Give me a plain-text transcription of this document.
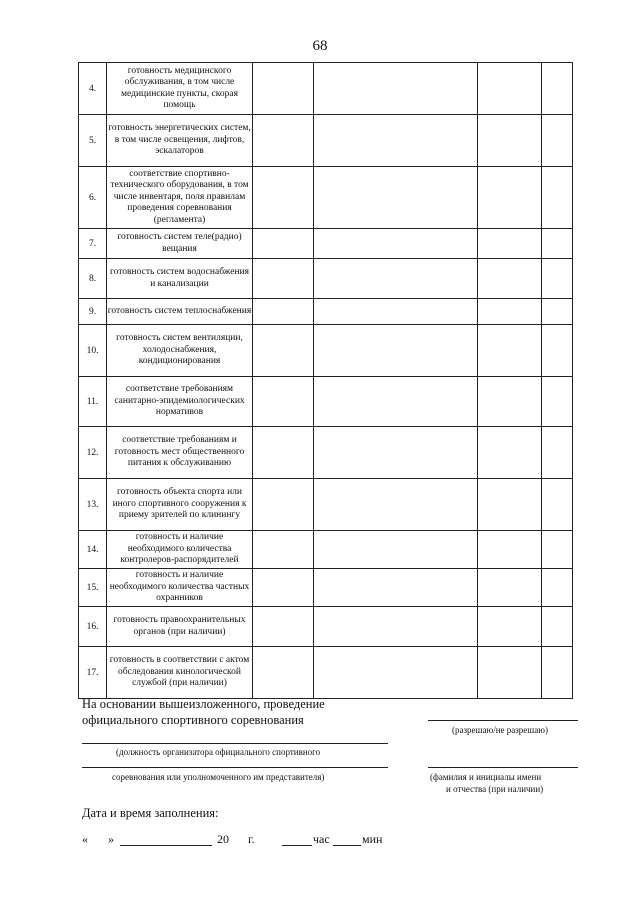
68
4.	готовность медицинского обслуживания, в том числе медицинские пункты, скорая помощь				
5.	готовность энергетических систем, в том числе освещения, лифтов, эскалаторов				
6.	соответствие спортивно-технического оборудования, в том числе инвентаря, поля правилам проведения соревнования (регламента)				
7.	готовность систем теле(радио) вещания				
8.	готовность систем водоснабжения и канализации				
9.	готовность систем теплоснабжения				
10.	готовность систем вентиляции, холодоснабжения, кондиционирования				
11.	соответствие требованиям санитарно-эпидемиологических нормативов				
12.	соответствие требованиям и готовность мест общественного питания к обслуживанию				
13.	готовность объекта спорта или иного спортивного сооружения к приему зрителей по клинингу				
14.	готовность и наличие необходимого количества контролеров-распорядителей				
15.	готовность и наличие необходимого количества частных охранников				
16.	готовность правоохранительных органов (при наличии)				
17.	готовность в соответствии с актом обследования кинологической службой (при наличии)				
На основании вышеизложенного, проведение
официального спортивного соревнования
(разрешаю/не разрешаю)
(должность организатора официального спортивного
соревнования или уполномоченного им представителя)	(фамилия и инициалы имени
и отчества (при наличии)
Дата и время заполнения:
« »	20 г.	час	мин
